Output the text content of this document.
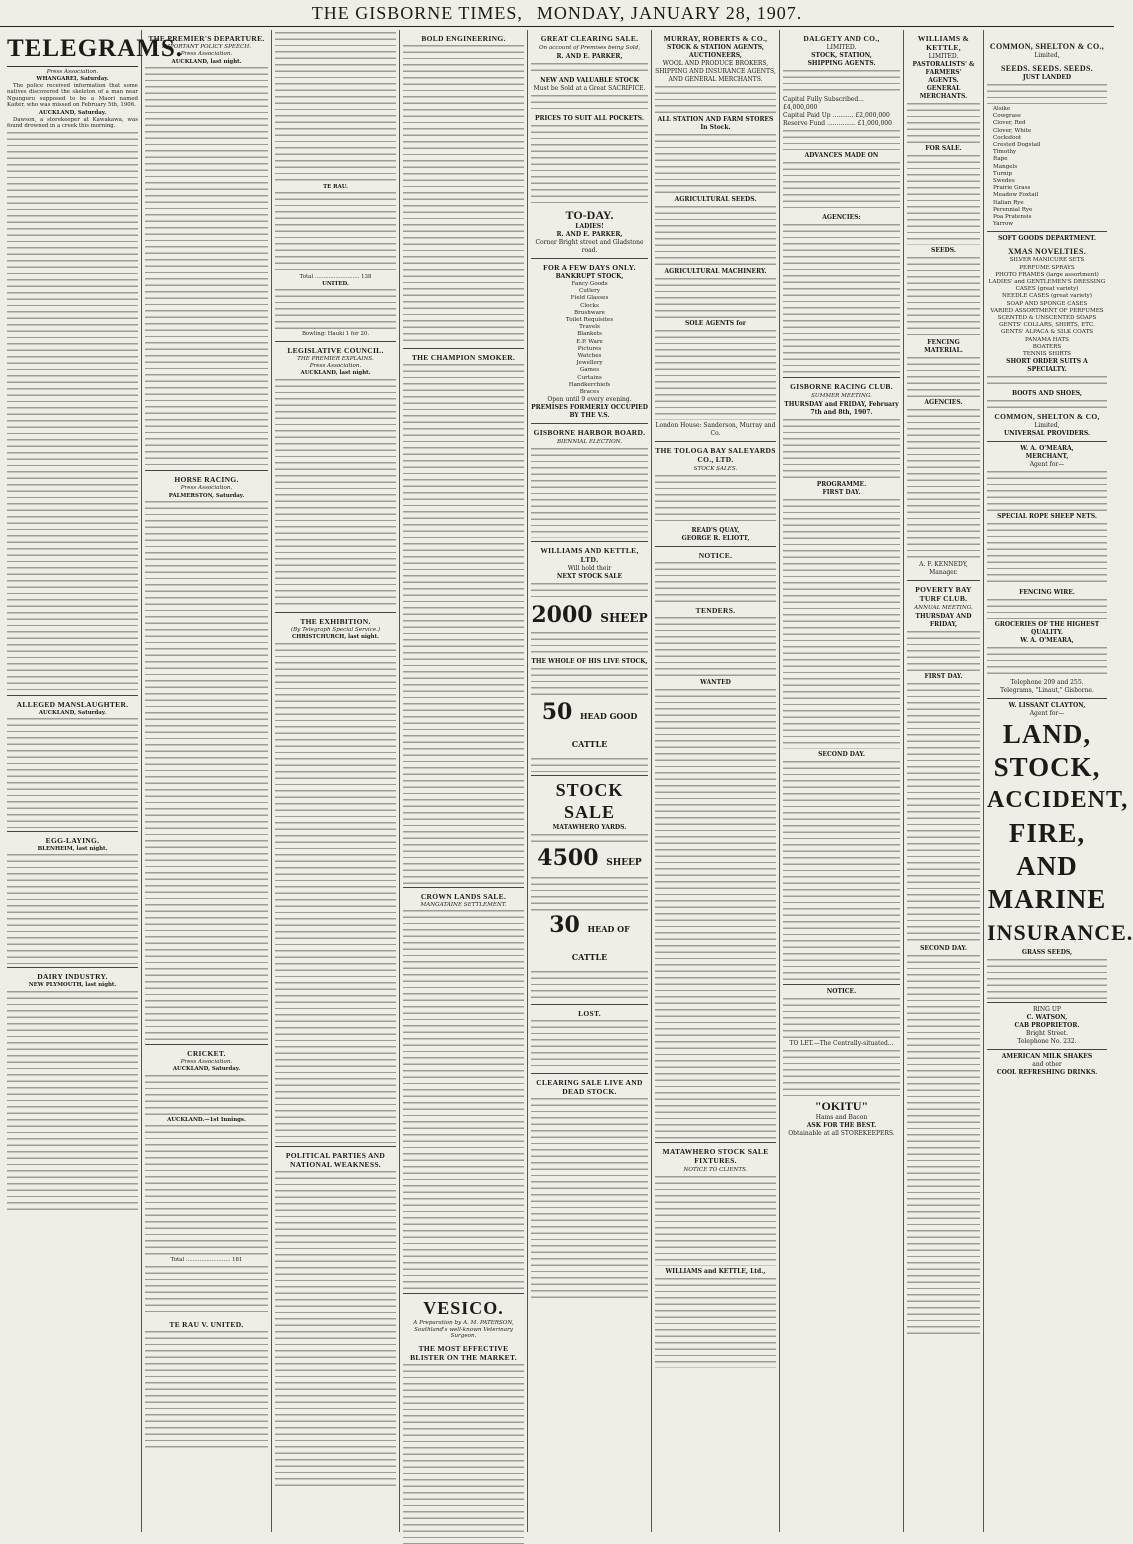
THE GISBORNE TIMES, MONDAY, JANUARY 28, 1907.
TELEGRAMS.
Press Association.
WHANGAREI, Saturday.
The police received information that some natives discovered the skeleton of a man near Ngunguru supposed to be a Maori named Kaiter, who was missed on February 5th, 1906.
AUCKLAND, Saturday.
Dawson, a storekeeper at Kawakawa, was found drowned in a creek this morning.
ALLEGED MANSLAUGHTER.
AUCKLAND, Saturday.
EGG-LAYING.
BLENHEIM, last night.
DAIRY INDUSTRY.
NEW PLYMOUTH, last night.
THE PREMIER'S DEPARTURE.
IMPORTANT POLICY SPEECH.
Press Association.
AUCKLAND, last night.
HORSE RACING.
Press Association.
PALMERSTON, Saturday.
CRICKET.
Press Association.
AUCKLAND, Saturday.
AUCKLAND.—1st Innings.
Total .......................... 181
TE RAU V. UNITED.
TE RAU.
Total .......................... 138
UNITED.
Bowling: Hauki 1 for 20.
LEGISLATIVE COUNCIL.
THE PREMIER EXPLAINS.
Press Association.
AUCKLAND, last night.
THE EXHIBITION.
(By Telegraph Special Service.)
CHRISTCHURCH, last night.
POLITICAL PARTIES AND NATIONAL WEAKNESS.
BOLD ENGINEERING.
THE CHAMPION SMOKER.
CROWN LANDS SALE.
MANGATAINE SETTLEMENT.
VESICO.
A Preparation by A. M. PATERSON, Southland's well-known Veterinary Surgeon.
THE MOST EFFECTIVE BLISTER ON THE MARKET.
GREAT CLEARING SALE.
On account of Premises being Sold,
R. AND E. PARKER,
NEW AND VALUABLE STOCK
Must be Sold at a Great SACRIFICE.
PRICES TO SUIT ALL POCKETS.
TO-DAY.
LADIES!
R. AND E. PARKER,
Corner Bright street and Gladstone road.
FOR A FEW DAYS ONLY.
BANKRUPT STOCK,
Fancy Goods
Cutlery
Field Glasses
Clocks
Brushware
Toilet Requisites
Travels
Blankets
E.P. Ware
Pictures
Watches
Jewellery
Games
Curtains
Handkerchiefs
Braces
Open until 9 every evening.
PREMISES FORMERLY OCCUPIED BY THE V.S.
GISBORNE HARBOR BOARD.
BIENNIAL ELECTION.
WILLIAMS AND KETTLE, LTD.
Will hold their
NEXT STOCK SALE
2000 SHEEP
THE WHOLE OF HIS LIVE STOCK,
50 HEAD GOOD CATTLE
STOCK SALE
MATAWHERO YARDS.
4500 SHEEP
30 HEAD OF CATTLE
LOST.
CLEARING SALE LIVE AND DEAD STOCK.
MURRAY, ROBERTS & CO.,
STOCK & STATION AGENTS, AUCTIONEERS,
WOOL AND PRODUCE BROKERS, SHIPPING AND INSURANCE AGENTS, AND GENERAL MERCHANTS.
ALL STATION AND FARM STORES In Stock.
AGRICULTURAL SEEDS.
AGRICULTURAL MACHINERY.
SOLE AGENTS for
London House: Sanderson, Murray and Co.
THE TOLOGA BAY SALEYARDS CO., LTD.
STOCK SALES.
READ'S QUAY,
GEORGE R. ELIOTT,
NOTICE.
TENDERS.
WANTED
MATAWHERO STOCK SALE FIXTURES.
NOTICE TO CLIENTS.
WILLIAMS and KETTLE, Ltd.,
DALGETY AND CO.,
LIMITED.
STOCK, STATION,
SHIPPING AGENTS.
Capital Fully Subscribed... £4,000,000
Capital Paid Up ........... £2,000,000
Reserve Fund ............... £1,000,000
ADVANCES MADE ON
AGENCIES:
GISBORNE RACING CLUB.
SUMMER MEETING.
THURSDAY and FRIDAY, February 7th and 8th, 1907.
PROGRAMME.
FIRST DAY.
SECOND DAY.
NOTICE.
TO LET.—The Centrally-situated...
"OKITU"
Hams and Bacon
ASK FOR THE BEST.
Obtainable at all STOREKEEPERS.
WILLIAMS & KETTLE,
LIMITED.
PASTORALISTS' & FARMERS'
AGENTS.
GENERAL MERCHANTS.
FOR SALE.
SEEDS.
FENCING MATERIAL.
AGENCIES.
A. F. KENNEDY,
Manager.
POVERTY BAY TURF CLUB.
ANNUAL MEETING.
THURSDAY AND FRIDAY,
FIRST DAY.
SECOND DAY.
COMMON, SHELTON & CO.,
Limited,
SEEDS. SEEDS. SEEDS.
JUST LANDED
Alsike
Cowgrass
Clover, Red
Clover, White
Cocksfoot
Crested Dogstail
Timothy
Rape
Mangels
Turnip
Swedes
Prairie Grass
Meadow Foxtail
Italian Rye
Perennial Rye
Poa Pratensis
Yarrow
SOFT GOODS DEPARTMENT.
XMAS NOVELTIES.
SILVER MANICURE SETS
PERFUME SPRAYS
PHOTO FRAMES (large assortment)
LADIES' and GENTLEMEN'S DRESSING CASES (great variety)
NEEDLE CASES (great variety)
SOAP AND SPONGE CASES
VARIED ASSORTMENT OF PERFUMES
SCENTED & UNSCENTED SOAPS
GENTS' COLLARS, SHIRTS, ETC.
GENTS' ALPACA & SILK COATS
PANAMA HATS
BOATERS
TENNIS SHIRTS
SHORT ORDER SUITS A SPECIALTY.
BOOTS AND SHOES,
COMMON, SHELTON & CO,
Limited,
UNIVERSAL PROVIDERS.
W. A. O'MEARA,
MERCHANT,
Agent for—
SPECIAL ROPE SHEEP NETS.
FENCING WIRE.
GROCERIES OF THE HIGHEST QUALITY.
W. A. O'MEARA,
Telephone 209 and 255.
Telegrams, "Linaut," Gisborne.
W. LISSANT CLAYTON,
Agent for—
LAND,
STOCK,
ACCIDENT,
FIRE, AND
MARINE
INSURANCE.
GRASS SEEDS,
RING UP
C. WATSON,
CAB PROPRIETOR.
Bright Street.
Telephone No. 232.
AMERICAN MILK SHAKES
and other
COOL REFRESHING DRINKS.
